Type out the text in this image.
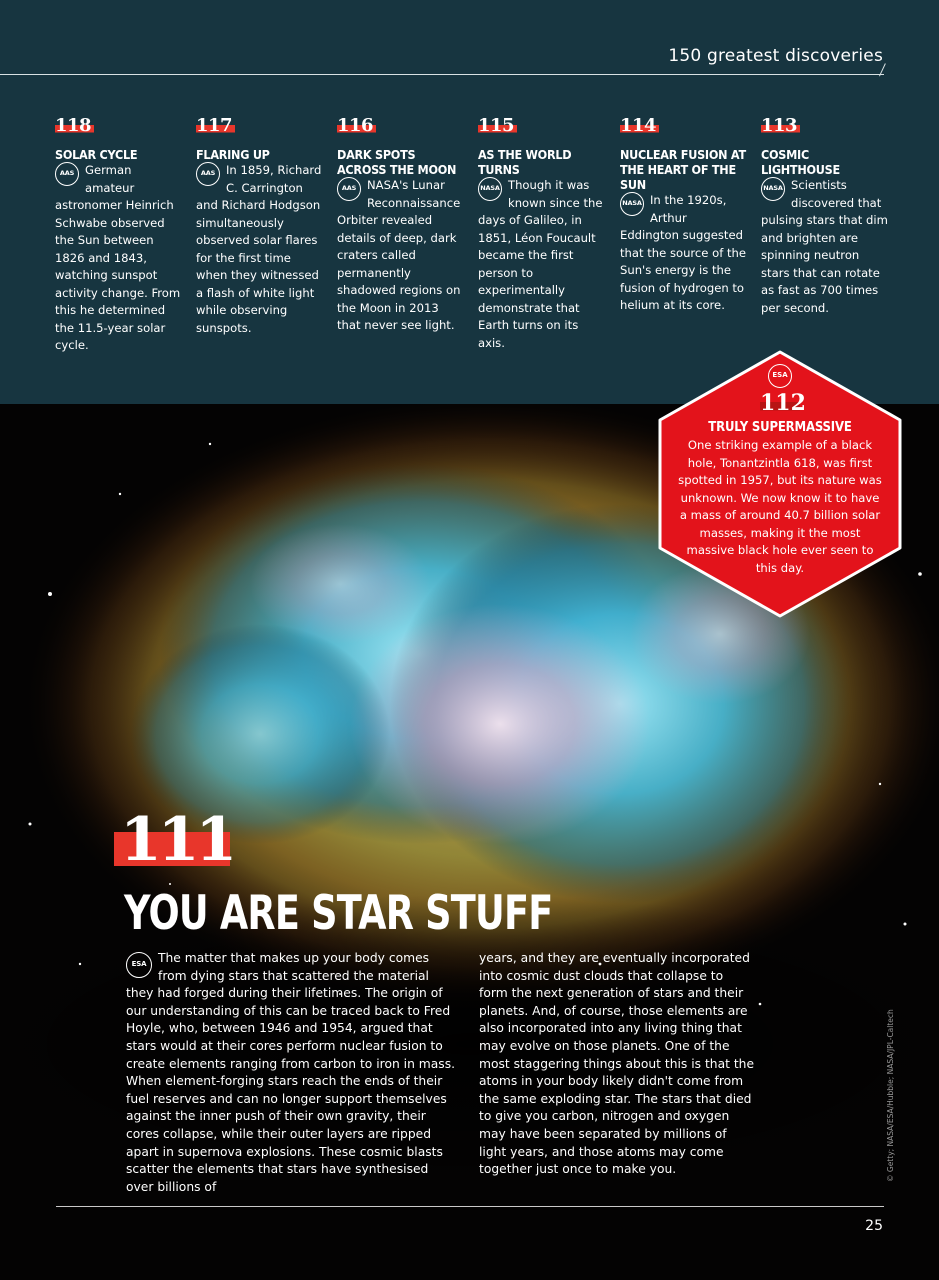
150 greatest discoveries
118
SOLAR CYCLE
AAS German amateur astronomer Heinrich Schwabe observed the Sun between 1826 and 1843, watching sunspot activity change. From this he determined the 11.5-year solar cycle.
117
FLARING UP
AAS In 1859, Richard C. Carrington and Richard Hodgson simultaneously observed solar flares for the first time when they witnessed a flash of white light while observing sunspots.
116
DARK SPOTS ACROSS THE MOON
AAS NASA's Lunar Reconnaissance Orbiter revealed details of deep, dark craters called permanently shadowed regions on the Moon in 2013 that never see light.
115
AS THE WORLD TURNS
NASA Though it was known since the days of Galileo, in 1851, Léon Foucault became the first person to experimentally demonstrate that Earth turns on its axis.
114
NUCLEAR FUSION AT THE HEART OF THE SUN
NASA In the 1920s, Arthur Eddington suggested that the source of the Sun's energy is the fusion of hydrogen to helium at its core.
113
COSMIC LIGHTHOUSE
NASA Scientists discovered that pulsing stars that dim and brighten are spinning neutron stars that can rotate as fast as 700 times per second.
ESA
112
TRULY SUPERMASSIVE
One striking example of a black hole, Tonantzintla 618, was first spotted in 1957, but its nature was unknown. We now know it to have a mass of around 40.7 billion solar masses, making it the most massive black hole ever seen to this day.
111
YOU ARE STAR STUFF
ESA The matter that makes up your body comes from dying stars that scattered the material they had forged during their lifetimes. The origin of our understanding of this can be traced back to Fred Hoyle, who, between 1946 and 1954, argued that stars would at their cores perform nuclear fusion to create elements ranging from carbon to iron in mass. When element-forging stars reach the ends of their fuel reserves and can no longer support themselves against the inner push of their own gravity, their cores collapse, while their outer layers are ripped apart in supernova explosions. These cosmic blasts scatter the elements that stars have synthesised over billions of
years, and they are eventually incorporated into cosmic dust clouds that collapse to form the next generation of stars and their planets. And, of course, those elements are also incorporated into any living thing that may evolve on those planets. One of the most staggering things about this is that the atoms in your body likely didn't come from the same exploding star. The stars that died to give you carbon, nitrogen and oxygen may have been separated by millions of light years, and those atoms may come together just once to make you.	© Getty; NASA/ESA/Hubble; NASA/JPL-Caltech
25
